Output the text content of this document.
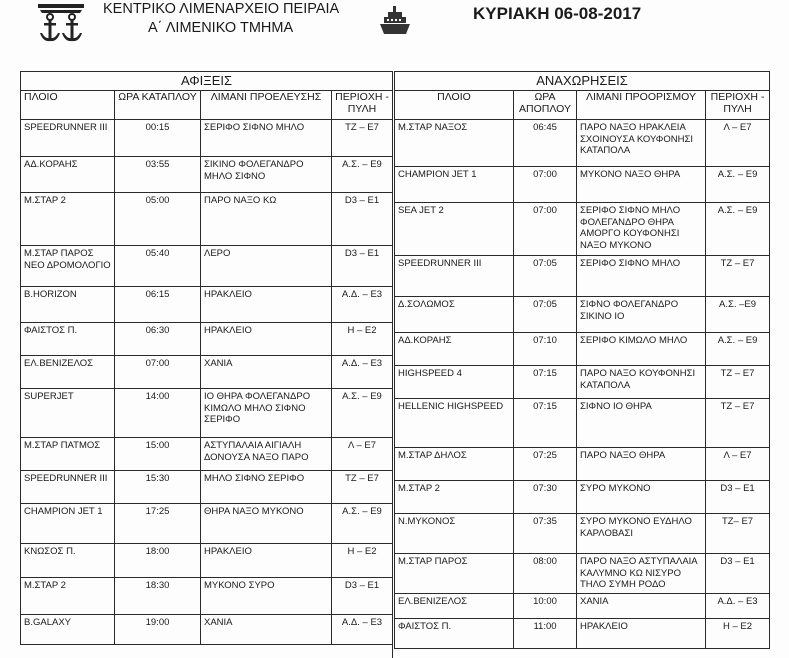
ΚΕΝΤΡΙΚΟ ΛΙΜΕΝΑΡΧΕΙΟ ΠΕΙΡΑΙΑ
Α΄ ΛΙΜΕΝΙΚΟ ΤΜΗΜΑ
ΚΥΡΙΑΚΗ 06-08-2017
ΑΦΙΞΕΙΣ			
ΠΛΟΙΟ	ΩΡΑ ΚΑΤΑΠΛΟΥ	ΛΙΜΑΝΙ ΠΡΟΕΛΕΥΣΗΣ	ΠΕΡΙΟΧΗ - ΠΥΛΗ
SPEEDRUNNER III	00:15	ΣΕΡΙΦΟ ΣΙΦΝΟ ΜΗΛΟ	ΤΖ – Ε7
ΑΔ.ΚΟΡΑΗΣ	03:55	ΣΙΚΙΝΟ ΦΟΛΕΓΑΝΔΡΟ ΜΗΛΟ ΣΙΦΝΟ	Α.Σ. – Ε9
Μ.ΣΤΑΡ 2	05:00	ΠΑΡΟ ΝΑΞΟ ΚΩ	D3 – Ε1
Μ.ΣΤΑΡ ΠΑΡΟΣ ΝΕΟ ΔΡΟΜΟΛΟΓΙΟ	05:40	ΛΕΡΟ	D3 – Ε1
B.HORIZON	06:15	ΗΡΑΚΛΕΙΟ	Α.Δ. – Ε3
ΦΑΙΣΤΟΣ Π.	06:30	ΗΡΑΚΛΕΙΟ	Η – Ε2
ΕΛ.ΒΕΝΙΖΕΛΟΣ	07:00	ΧΑΝΙΑ	Α.Δ. – Ε3
SUPERJET	14:00	ΙΟ ΘΗΡΑ ΦΟΛΕΓΑΝΔΡΟ ΚΙΜΩΛΟ ΜΗΛΟ ΣΙΦΝΟ ΣΕΡΙΦΟ	Α.Σ. – Ε9
Μ.ΣΤΑΡ ΠΑΤΜΟΣ	15:00	ΑΣΤΥΠΑΛΑΙΑ ΑΙΓΙΑΛΗ ΔΟΝΟΥΣΑ ΝΑΞΟ ΠΑΡΟ	Λ – Ε7
SPEEDRUNNER III	15:30	ΜΗΛΟ ΣΙΦΝΟ ΣΕΡΙΦΟ	ΤΖ – Ε7
CHAMPION JET 1	17:25	ΘΗΡΑ ΝΑΞΟ ΜΥΚΟΝΟ	Α.Σ. – Ε9
ΚΝΩΣΟΣ Π.	18:00	ΗΡΑΚΛΕΙΟ	Η – Ε2
Μ.ΣΤΑΡ 2	18:30	ΜΥΚΟΝΟ ΣΥΡΟ	D3 – Ε1
B.GALAXY	19:00	ΧΑΝΙΑ	Α.Δ. – Ε3
ΑΝΑΧΩΡΗΣΕΙΣ			
ΠΛΟΙΟ	ΩΡΑ ΑΠΟΠΛΟΥ	ΛΙΜΑΝΙ ΠΡΟΟΡΙΣΜΟΥ	ΠΕΡΙΟΧΗ - ΠΥΛΗ
Μ.ΣΤΑΡ ΝΑΞΟΣ	06:45	ΠΑΡΟ ΝΑΞΟ ΗΡΑΚΛΕΙΑ ΣΧΟΙΝΟΥΣΑ ΚΟΥΦΟΝΗΣΙ ΚΑΤΑΠΟΛΑ	Λ – Ε7
CHAMPION JET 1	07:00	ΜΥΚΟΝΟ ΝΑΞΟ ΘΗΡΑ	Α.Σ. – Ε9
SEA JET 2	07:00	ΣΕΡΙΦΟ ΣΙΦΝΟ ΜΗΛΟ ΦΟΛΕΓΑΝΔΡΟ ΘΗΡΑ ΑΜΟΡΓΟ ΚΟΥΦΟΝΗΣΙ ΝΑΞΟ ΜΥΚΟΝΟ	Α.Σ. – Ε9
SPEEDRUNNER III	07:05	ΣΕΡΙΦΟ ΣΙΦΝΟ ΜΗΛΟ	ΤΖ – Ε7
Δ.ΣΟΛΩΜΟΣ	07:05	ΣΙΦΝΟ ΦΟΛΕΓΑΝΔΡΟ ΣΙΚΙΝΟ ΙΟ	Α.Σ. –Ε9
ΑΔ.ΚΟΡΑΗΣ	07:10	ΣΕΡΙΦΟ ΚΙΜΩΛΟ ΜΗΛΟ	Α.Σ. – Ε9
HIGHSPEED 4	07:15	ΠΑΡΟ ΝΑΞΟ ΚΟΥΦΟΝΗΣΙ ΚΑΤΑΠΟΛΑ	ΤΖ – Ε7
HELLENIC HIGHSPEED	07:15	ΣΙΦΝΟ ΙΟ ΘΗΡΑ	ΤΖ – Ε7
Μ.ΣΤΑΡ ΔΗΛΟΣ	07:25	ΠΑΡΟ ΝΑΞΟ ΘΗΡΑ	Λ – Ε7
Μ.ΣΤΑΡ 2	07:30	ΣΥΡΟ ΜΥΚΟΝΟ	D3 – Ε1
Ν.ΜΥΚΟΝΟΣ	07:35	ΣΥΡΟ ΜΥΚΟΝΟ ΕΥΔΗΛΟ ΚΑΡΛΟΒΑΣΙ	ΤΖ– Ε7
Μ.ΣΤΑΡ ΠΑΡΟΣ	08:00	ΠΑΡΟ ΝΑΞΟ ΑΣΤΥΠΑΛΑΙΑ ΚΑΛΥΜΝΟ ΚΩ ΝΙΣΥΡΟ ΤΗΛΟ ΣΥΜΗ ΡΟΔΟ	D3 – Ε1
ΕΛ.ΒΕΝΙΖΕΛΟΣ	10:00	ΧΑΝΙΑ	Α.Δ. – Ε3
ΦΑΙΣΤΟΣ Π.	11:00	ΗΡΑΚΛΕΙΟ	Η – Ε2
